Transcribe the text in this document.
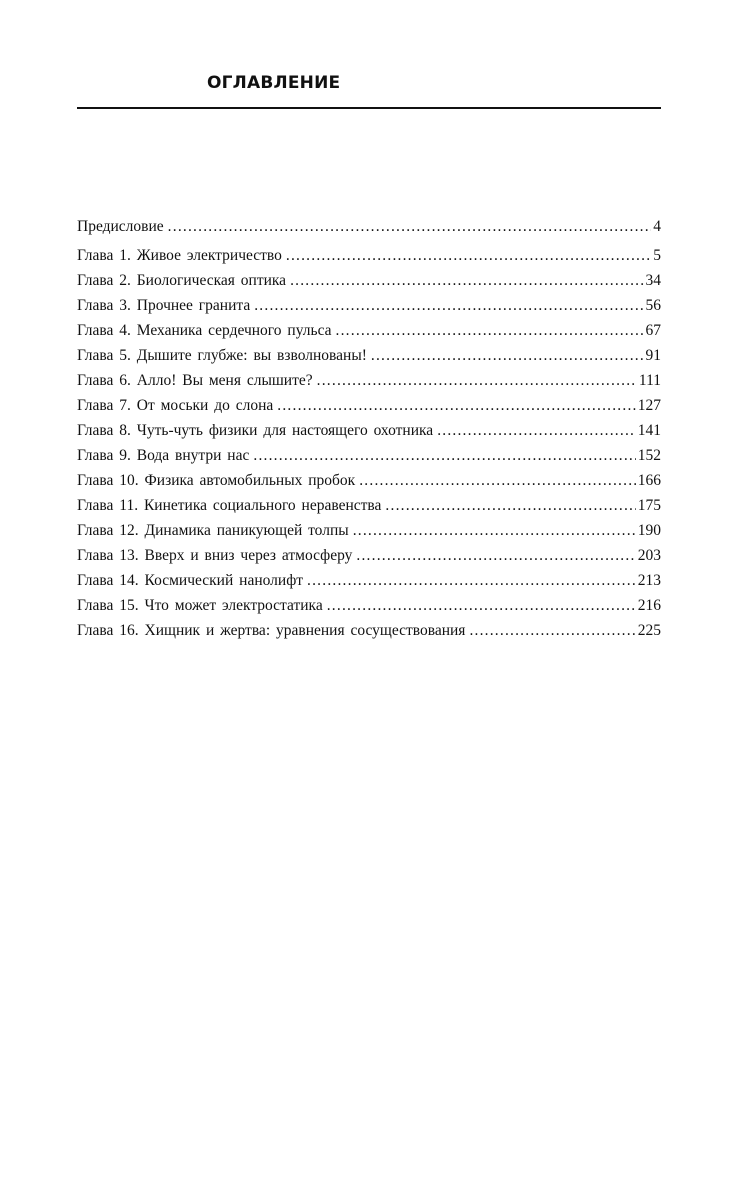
ОГЛАВЛЕНИЕ
Предисловие .....	4
Глава 1. Живое электричество .....	5
Глава 2. Биологическая оптика .....	34
Глава 3. Прочнее гранита .....	56
Глава 4. Механика сердечного пульса .....	67
Глава 5. Дышите глубже: вы взволнованы! .....	91
Глава 6. Алло! Вы меня слышите? .....	111
Глава 7. От моськи до слона .....	127
Глава 8. Чуть-чуть физики для настоящего охотника .....	141
Глава 9. Вода внутри нас .....	152
Глава 10. Физика автомобильных пробок .....	166
Глава 11. Кинетика социального неравенства .....	175
Глава 12. Динамика паникующей толпы .....	190
Глава 13. Вверх и вниз через атмосферу .....	203
Глава 14. Космический нанолифт .....	213
Глава 15. Что может электростатика .....	216
Глава 16. Хищник и жертва: уравнения сосуществования .....	225
